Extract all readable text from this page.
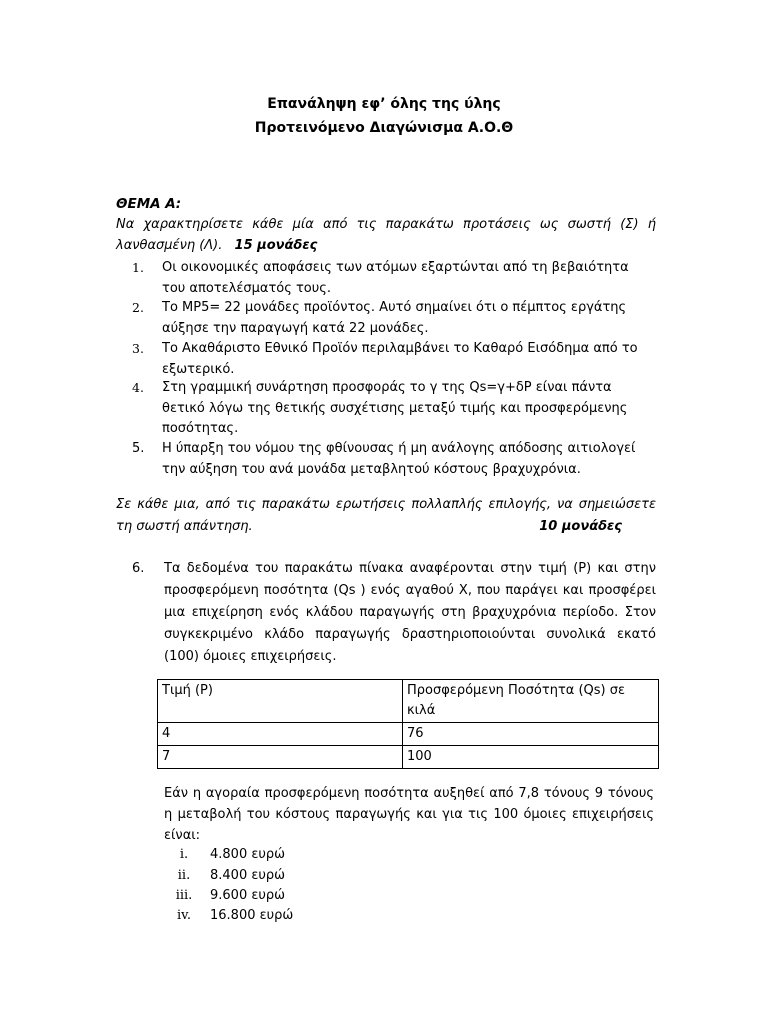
Επανάληψη εφ’ όλης της ύλης
Προτεινόμενο Διαγώνισμα Α.Ο.Θ
ΘΕΜΑ Α:
Να χαρακτηρίσετε κάθε μία από τις παρακάτω προτάσεις ως σωστή (Σ) ή λανθασμένη (Λ). 15 μονάδες
1.	Οι οικονομικές αποφάσεις των ατόμων εξαρτώνται από τη βεβαιότητα του αποτελέσματός τους.
2.	Το ΜΡ5= 22 μονάδες προϊόντος. Αυτό σημαίνει ότι ο πέμπτος εργάτης αύξησε την παραγωγή κατά 22 μονάδες.
3.	Το Ακαθάριστο Εθνικό Προϊόν περιλαμβάνει το Καθαρό Εισόδημα από το εξωτερικό.
4.	Στη γραμμική συνάρτηση προσφοράς το γ της Qs=γ+δP είναι πάντα θετικό λόγω της θετικής συσχέτισης μεταξύ τιμής και προσφερόμενης ποσότητας.
5.	Η ύπαρξη του νόμου της φθίνουσας ή μη ανάλογης απόδοσης αιτιολογεί την αύξηση του ανά μονάδα μεταβλητού κόστους βραχυχρόνια.
Σε κάθε μια, από τις παρακάτω ερωτήσεις πολλαπλής επιλογής, να σημειώσετε τη σωστή απάντηση.	10 μονάδες
6.	Τα δεδομένα του παρακάτω πίνακα αναφέρονται στην τιμή (P) και στην προσφερόμενη ποσότητα (Qs ) ενός αγαθού Χ, που παράγει και προσφέρει μια επιχείρηση ενός κλάδου παραγωγής στη βραχυχρόνια περίοδο. Στον συγκεκριμένο κλάδο παραγωγής δραστηριοποιούνται συνολικά εκατό (100) όμοιες επιχειρήσεις.
Τιμή (P)	Προσφερόμενη Ποσότητα (Qs) σε κιλά
4	76
7	100
Εάν η αγοραία προσφερόμενη ποσότητα αυξηθεί από 7,8 τόνους 9 τόνους η μεταβολή του κόστους παραγωγής και για τις 100 όμοιες επιχειρήσεις είναι:
i.	4.800 ευρώ
ii.	8.400 ευρώ
iii.	9.600 ευρώ
iv.	16.800 ευρώ
